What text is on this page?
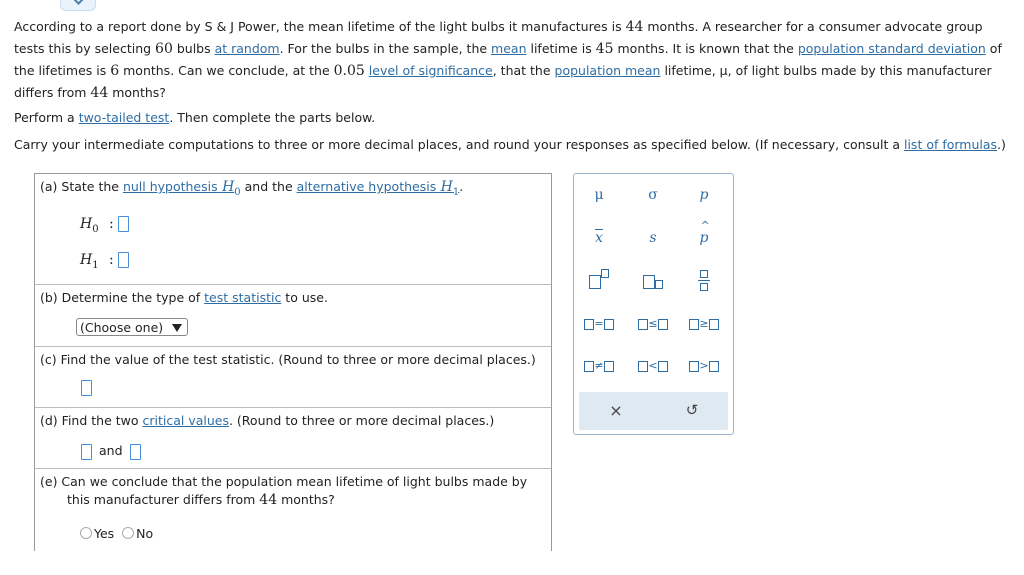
According to a report done by S & J Power, the mean lifetime of the light bulbs it manufactures is 44 months. A researcher for a consumer advocate group tests this by selecting 60 bulbs at random. For the bulbs in the sample, the mean lifetime is 45 months. It is known that the population standard deviation of the lifetimes is 6 months. Can we conclude, at the 0.05 level of significance, that the population mean lifetime, μ, of light bulbs made by this manufacturer differs from 44 months?

Perform a two-tailed test. Then complete the parts below.
Carry your intermediate computations to three or more decimal places, and round your responses as specified below. (If necessary, consult a list of formulas.)
(a) State the null hypothesis $H_0$ and the alternative hypothesis $H_1$.
$H_0$ :
$H_1$ :
(b) Determine the type of test statistic to use.
(Choose one)
(c) Find the value of the test statistic. (Round to three or more decimal places.)
(d) Find the two critical values. (Round to three or more decimal places.)
and
(e) Can we conclude that the population mean lifetime of light bulbs made by
this manufacturer differs from 44 months?
Yes No
μ	σ	p
$\overline{x}$	s
^
p
=	≤	≥
≠	<	>
×	↺
